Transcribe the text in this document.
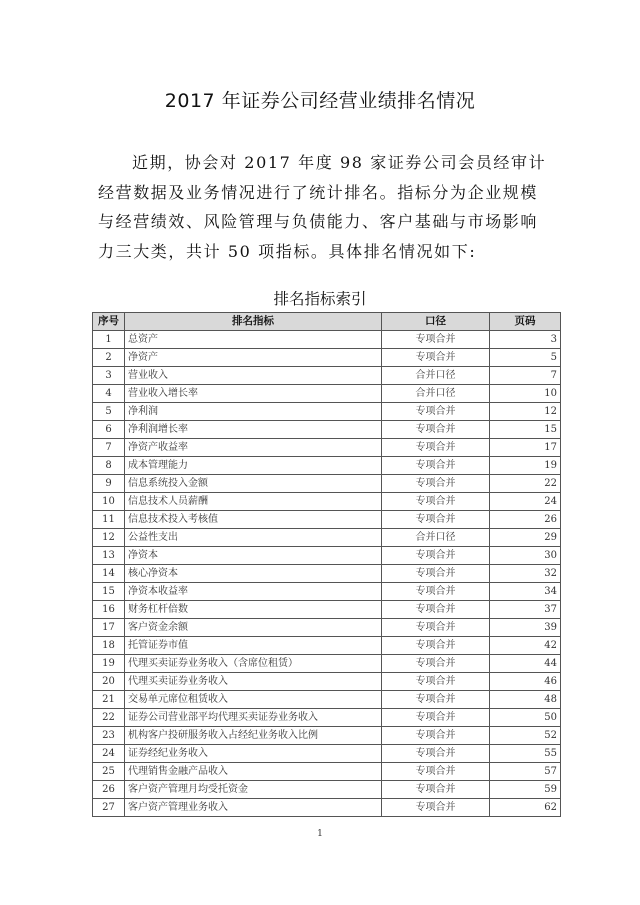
2017 年证券公司经营业绩排名情况
近期，协会对 2017 年度 98 家证券公司会员经审计经营数据及业务情况进行了统计排名。指标分为企业规模与经营绩效、风险管理与负债能力、客户基础与市场影响力三大类，共计 50 项指标。具体排名情况如下:
排名指标索引
序号	排名指标	口径	页码
1	总资产	专项合并	3
2	净资产	专项合并	5
3	营业收入	合并口径	7
4	营业收入增长率	合并口径	10
5	净利润	专项合并	12
6	净利润增长率	专项合并	15
7	净资产收益率	专项合并	17
8	成本管理能力	专项合并	19
9	信息系统投入金额	专项合并	22
10	信息技术人员薪酬	专项合并	24
11	信息技术投入考核值	专项合并	26
12	公益性支出	合并口径	29
13	净资本	专项合并	30
14	核心净资本	专项合并	32
15	净资本收益率	专项合并	34
16	财务杠杆倍数	专项合并	37
17	客户资金余额	专项合并	39
18	托管证券市值	专项合并	42
19	代理买卖证券业务收入（含席位租赁）	专项合并	44
20	代理买卖证券业务收入	专项合并	46
21	交易单元席位租赁收入	专项合并	48
22	证券公司营业部平均代理买卖证券业务收入	专项合并	50
23	机构客户投研服务收入占经纪业务收入比例	专项合并	52
24	证券经纪业务收入	专项合并	55
25	代理销售金融产品收入	专项合并	57
26	客户资产管理月均受托资金	专项合并	59
27	客户资产管理业务收入	专项合并	62
1
